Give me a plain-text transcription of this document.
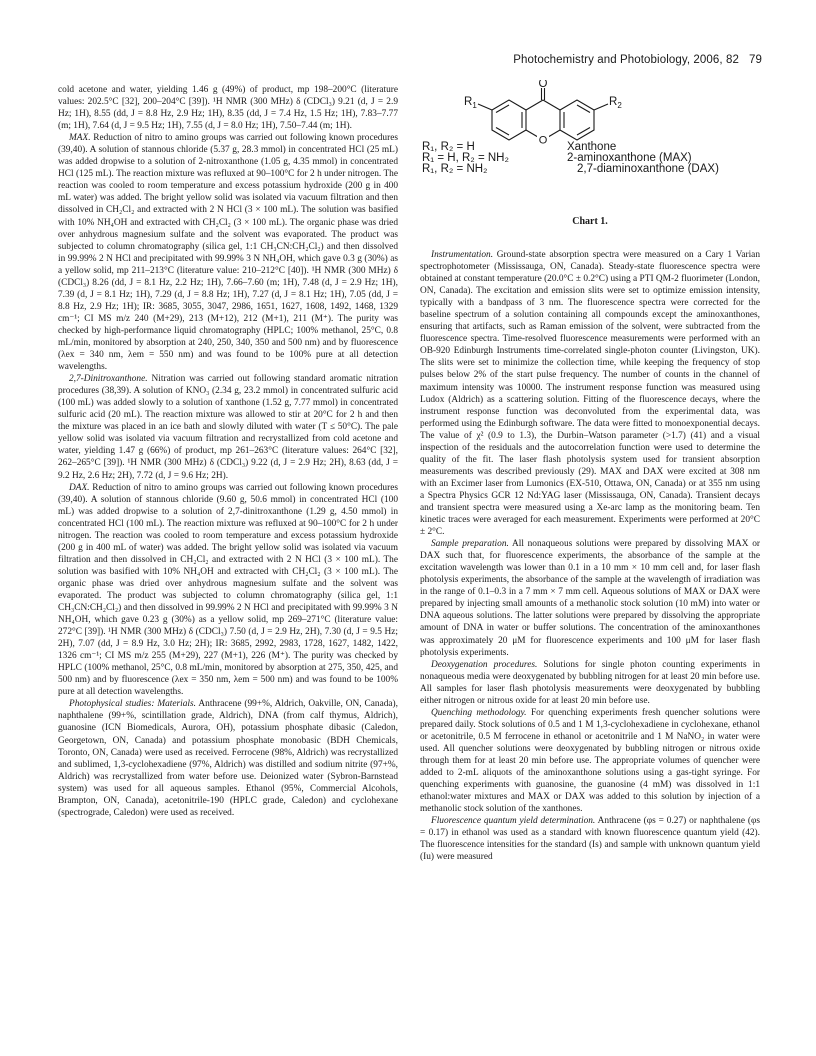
Photochemistry and Photobiology, 2006, 82 79
O
O
$R_1$	$R_2$
R₁, R₂ = H	Xanthone
R₁ = H, R₂ = NH₂	2-aminoxanthone (MAX)
R₁, R₂ = NH₂	2,7-diaminoxanthone (DAX)
Chart 1.

cold acetone and water, yielding 1.46 g (49%) of product, mp 198–200°C (literature values: 202.5°C [32], 200–204°C [39]). ¹H NMR (300 MHz) δ (CDCl₃) 9.21 (d, J = 2.9 Hz; 1H), 8.55 (dd, J = 8.8 Hz, 2.9 Hz; 1H), 8.35 (dd, J = 7.4 Hz, 1.5 Hz; 1H), 7.83–7.77 (m; 1H), 7.64 (d, J = 9.5 Hz; 1H), 7.55 (d, J = 8.0 Hz; 1H), 7.50–7.44 (m; 1H).

MAX. Reduction of nitro to amino groups was carried out following known procedures (39,40). A solution of stannous chloride (5.37 g, 28.3 mmol) in concentrated HCl (25 mL) was added dropwise to a solution of 2-nitroxanthone (1.05 g, 4.35 mmol) in concentrated HCl (125 mL). The reaction mixture was refluxed at 90–100°C for 2 h under nitrogen. The reaction was cooled to room temperature and excess potassium hydroxide (200 g in 400 mL water) was added. The bright yellow solid was isolated via vacuum filtration and then dissolved in CH₂Cl₂ and extracted with 2 N HCl (3 × 100 mL). The solution was basified with 10% NH₄OH and extracted with CH₂Cl₂ (3 × 100 mL). The organic phase was dried over anhydrous magnesium sulfate and the solvent was evaporated. The product was subjected to column chromatography (silica gel, 1:1 CH₃CN:CH₂Cl₂) and then dissolved in 99.99% 2 N HCl and precipitated with 99.99% 3 N NH₄OH, which gave 0.3 g (30%) as a yellow solid, mp 211–213°C (literature value: 210–212°C [40]). ¹H NMR (300 MHz) δ (CDCl₃) 8.26 (dd, J = 8.1 Hz, 2.2 Hz; 1H), 7.66–7.60 (m; 1H), 7.48 (d, J = 2.9 Hz; 1H), 7.39 (d, J = 8.1 Hz; 1H), 7.29 (d, J = 8.8 Hz; 1H), 7.27 (d, J = 8.1 Hz; 1H), 7.05 (dd, J = 8.8 Hz, 2.9 Hz; 1H); IR: 3685, 3055, 3047, 2986, 1651, 1627, 1608, 1492, 1468, 1329 cm⁻¹; CI MS m/z 240 (M+29), 213 (M+12), 212 (M+1), 211 (M⁺). The purity was checked by high-performance liquid chromatography (HPLC; 100% methanol, 25°C, 0.8 mL/min, monitored by absorption at 240, 250, 340, 350 and 500 nm) and by fluorescence (λex = 340 nm, λem = 550 nm) and was found to be 100% pure at all detection wavelengths.

2,7-Dinitroxanthone. Nitration was carried out following standard aromatic nitration procedures (38,39). A solution of KNO₃ (2.34 g, 23.2 mmol) in concentrated sulfuric acid (100 mL) was added slowly to a solution of xanthone (1.52 g, 7.77 mmol) in concentrated sulfuric acid (20 mL). The reaction mixture was allowed to stir at 20°C for 2 h and then the mixture was placed in an ice bath and slowly diluted with water (T ≤ 50°C). The pale yellow solid was isolated via vacuum filtration and recrystallized from cold acetone and water, yielding 1.47 g (66%) of product, mp 261–263°C (literature values: 264°C [32], 262–265°C [39]). ¹H NMR (300 MHz) δ (CDCl₃) 9.22 (d, J = 2.9 Hz; 2H), 8.63 (dd, J = 9.2 Hz, 2.6 Hz; 2H), 7.72 (d, J = 9.6 Hz; 2H).

DAX. Reduction of nitro to amino groups was carried out following known procedures (39,40). A solution of stannous chloride (9.60 g, 50.6 mmol) in concentrated HCl (100 mL) was added dropwise to a solution of 2,7-dinitroxanthone (1.29 g, 4.50 mmol) in concentrated HCl (100 mL). The reaction mixture was refluxed at 90–100°C for 2 h under nitrogen. The reaction was cooled to room temperature and excess potassium hydroxide (200 g in 400 mL of water) was added. The bright yellow solid was isolated via vacuum filtration and then dissolved in CH₂Cl₂ and extracted with 2 N HCl (3 × 100 mL). The solution was basified with 10% NH₄OH and extracted with CH₂Cl₂ (3 × 100 mL). The organic phase was dried over anhydrous magnesium sulfate and the solvent was evaporated. The product was subjected to column chromatography (silica gel, 1:1 CH₃CN:CH₂Cl₂) and then dissolved in 99.99% 2 N HCl and precipitated with 99.99% 3 N NH₄OH, which gave 0.23 g (30%) as a yellow solid, mp 269–271°C (literature value: 272°C [39]). ¹H NMR (300 MHz) δ (CDCl₃) 7.50 (d, J = 2.9 Hz, 2H), 7.30 (d, J = 9.5 Hz; 2H), 7.07 (dd, J = 8.9 Hz, 3.0 Hz; 2H); IR: 3685, 2992, 2983, 1728, 1627, 1482, 1422, 1326 cm⁻¹; CI MS m/z 255 (M+29), 227 (M+1), 226 (M⁺). The purity was checked by HPLC (100% methanol, 25°C, 0.8 mL/min, monitored by absorption at 275, 350, 425, and 500 nm) and by fluorescence (λex = 350 nm, λem = 500 nm) and was found to be 100% pure at all detection wavelengths.

Photophysical studies: Materials. Anthracene (99+%, Aldrich, Oakville, ON, Canada), naphthalene (99+%, scintillation grade, Aldrich), DNA (from calf thymus, Aldrich), guanosine (ICN Biomedicals, Aurora, OH), potassium phosphate dibasic (Caledon, Georgetown, ON, Canada) and potassium phosphate monobasic (BDH Chemicals, Toronto, ON, Canada) were used as received. Ferrocene (98%, Aldrich) was recrystallized and sublimed, 1,3-cyclohexadiene (97%, Aldrich) was distilled and sodium nitrite (97+%, Aldrich) was recrystallized from water before use. Deionized water (Sybron-Barnstead system) was used for all aqueous samples. Ethanol (95%, Commercial Alcohols, Brampton, ON, Canada), acetonitrile-190 (HPLC grade, Caledon) and cyclohexane (spectrograde, Caledon) were used as received.

Instrumentation. Ground-state absorption spectra were measured on a Cary 1 Varian spectrophotometer (Mississauga, ON, Canada). Steady-state fluorescence spectra were obtained at constant temperature (20.0°C ± 0.2°C) using a PTI QM-2 fluorimeter (London, ON, Canada). The excitation and emission slits were set to optimize emission intensity, typically with a bandpass of 3 nm. The fluorescence spectra were corrected for the baseline spectrum of a solution containing all compounds except the aminoxanthones, ensuring that artifacts, such as Raman emission of the solvent, were subtracted from the fluorescence spectra. Time-resolved fluorescence measurements were performed with an OB-920 Edinburgh Instruments time-correlated single-photon counter (Livingston, UK). The slits were set to minimize the collection time, while keeping the frequency of stop pulses below 2% of the start pulse frequency. The number of counts in the channel of maximum intensity was 10000. The instrument response function was measured using Ludox (Aldrich) as a scattering solution. Fitting of the fluorescence decays, where the instrument response function was deconvoluted from the experimental data, was performed using the Edinburgh software. The data were fitted to monoexponential decays. The value of χ² (0.9 to 1.3), the Durbin–Watson parameter (>1.7) (41) and a visual inspection of the residuals and the autocorrelation function were used to determine the quality of the fit. The laser flash photolysis system used for transient absorption measurements was described previously (29). MAX and DAX were excited at 308 nm with an Excimer laser from Lumonics (EX-510, Ottawa, ON, Canada) or at 355 nm using a Spectra Physics GCR 12 Nd:YAG laser (Mississauga, ON, Canada). Transient decays and transient spectra were measured using a Xe-arc lamp as the monitoring beam. Ten kinetic traces were averaged for each measurement. Experiments were performed at 20°C ± 2°C.

Sample preparation. All nonaqueous solutions were prepared by dissolving MAX or DAX such that, for fluorescence experiments, the absorbance of the sample at the excitation wavelength was lower than 0.1 in a 10 mm × 10 mm cell and, for laser flash photolysis experiments, the absorbance of the sample at the wavelength of irradiation was in the range of 0.1–0.3 in a 7 mm × 7 mm cell. Aqueous solutions of MAX or DAX were prepared by injecting small amounts of a methanolic stock solution (10 mM) into water or DNA aqueous solutions. The latter solutions were prepared by dissolving the appropriate amount of DNA in water or buffer solutions. The concentration of the aminoxanthones was approximately 20 μM for fluorescence experiments and 100 μM for laser flash photolysis experiments.

Deoxygenation procedures. Solutions for single photon counting experiments in nonaqueous media were deoxygenated by bubbling nitrogen for at least 20 min before use. All samples for laser flash photolysis measurements were deoxygenated by bubbling either nitrogen or nitrous oxide for at least 20 min before use.

Quenching methodology. For quenching experiments fresh quencher solutions were prepared daily. Stock solutions of 0.5 and 1 M 1,3-cyclohexadiene in cyclohexane, ethanol or acetonitrile, 0.5 M ferrocene in ethanol or acetonitrile and 1 M NaNO₂ in water were used. All quencher solutions were deoxygenated by bubbling nitrogen or nitrous oxide through them for at least 20 min before use. The appropriate volumes of quencher were added to 2-mL aliquots of the aminoxanthone solutions using a gas-tight syringe. For quenching experiments with guanosine, the guanosine (4 mM) was dissolved in 1:1 ethanol:water mixtures and MAX or DAX was added to this solution by injection of a methanolic stock solution of the xanthones.

Fluorescence quantum yield determination. Anthracene (φs = 0.27) or naphthalene (φs = 0.17) in ethanol was used as a standard with known fluorescence quantum yield (42). The fluorescence intensities for the standard (Is) and sample with unknown quantum yield (Iu) were measured
